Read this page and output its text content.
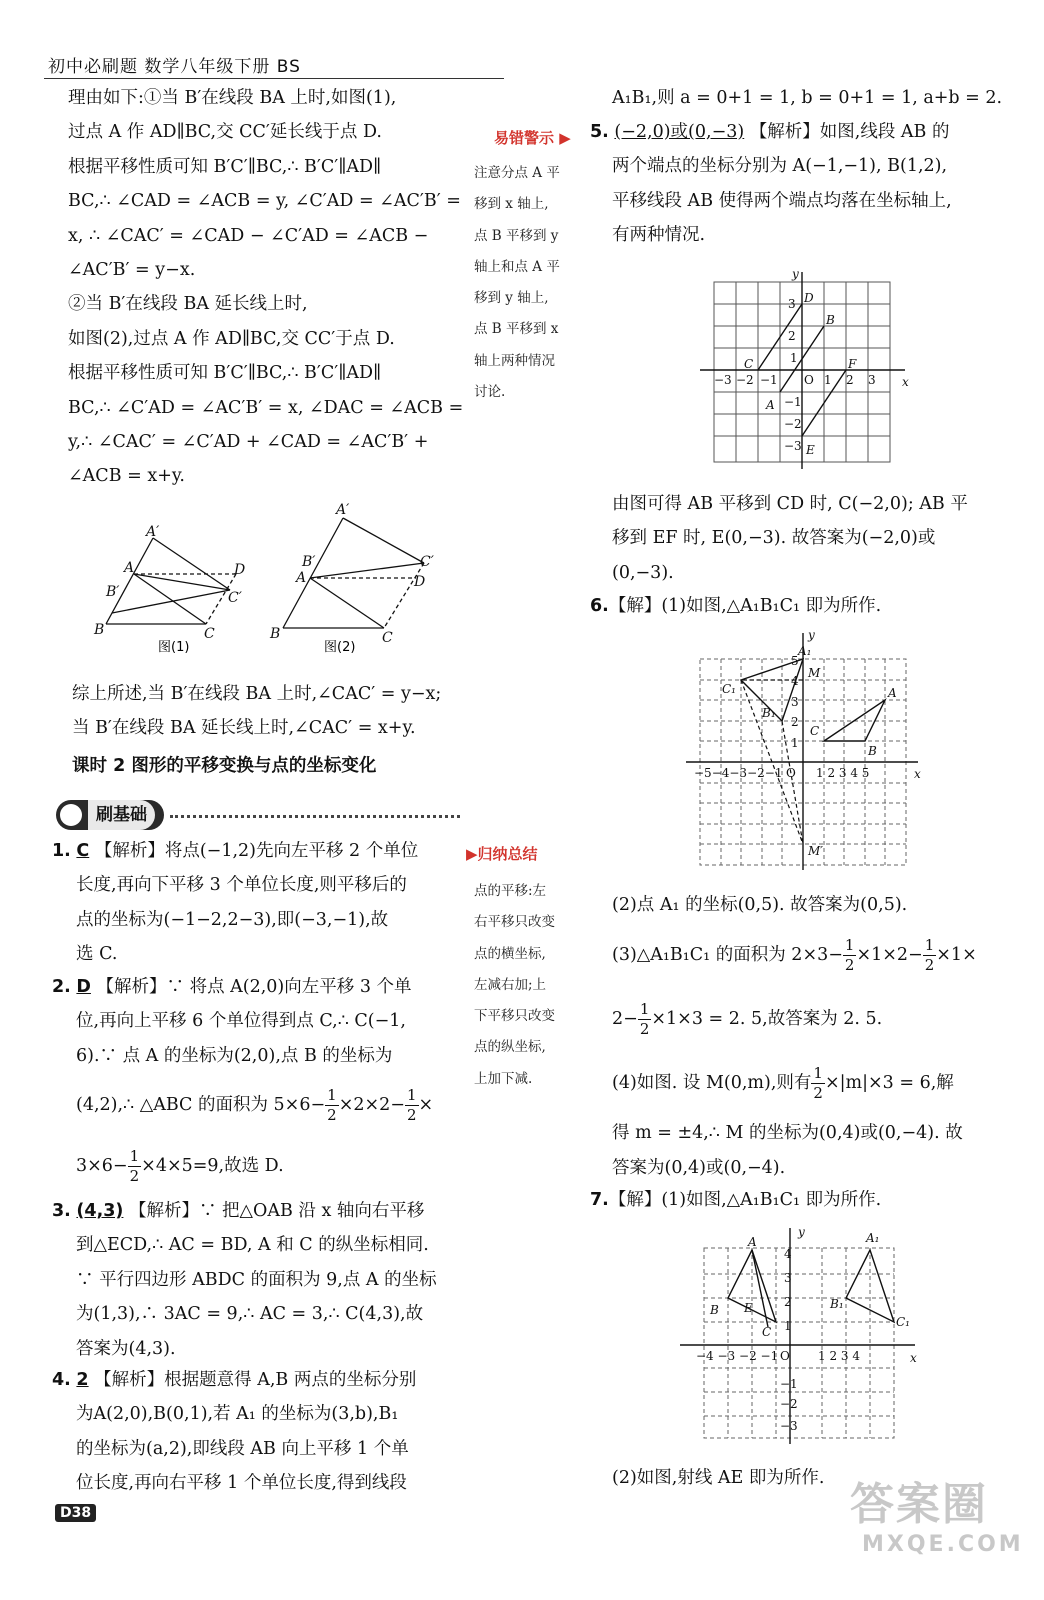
初中必刷题 数学八年级下册 BS

理由如下:①当 B′在线段 BA 上时,如图(1),

过点 A 作 AD∥BC,交 CC′延长线于点 D.

根据平移性质可知 B′C′∥BC,∴ B′C′∥AD∥

BC,∴ ∠CAD = ∠ACB = y, ∠C′AD = ∠AC′B′ =

x, ∴ ∠CAC′ = ∠CAD − ∠C′AD = ∠ACB −

∠AC′B′ = y−x.

②当 B′在线段 BA 延长线上时,

如图(2),过点 A 作 AD∥BC,交 CC′于点 D.

根据平移性质可知 B′C′∥BC,∴ B′C′∥AD∥

BC,∴ ∠C′AD = ∠AC′B′ = x, ∠DAC = ∠ACB =

y,∴ ∠CAC′ = ∠C′AD + ∠CAD = ∠AC′B′ +

∠ACB = x+y.

A′
A
B′
B	C
C′
D
A′
B′
A
B	C
C′
D
图(1)	图(2)

综上所述,当 B′在线段 BA 上时,∠CAC′ = y−x;

当 B′在线段 BA 延长线上时,∠CAC′ = x+y.

课时 2 图形的平移变换与点的坐标变化
刷基础

1. C 【解析】将点(−1,2)先向左平移 2 个单位

长度,再向下平移 3 个单位长度,则平移后的

点的坐标为(−1−2,2−3),即(−3,−1),故

选 C.

2. D 【解析】∵ 将点 A(2,0)向左平移 3 个单

位,再向上平移 6 个单位得到点 C,∴ C(−1,

6).∵ 点 A 的坐标为(2,0),点 B 的坐标为

(4,2),∴ △ABC 的面积为 $5\times 6- \frac{1}{2} \times 2\times 2- \frac{1}{2}$ ×

$3\times 6- \frac{1}{2} \times 4\times 5=9$,故选 D.

3. (4,3) 【解析】∵ 把△OAB 沿 x 轴向右平移

到△ECD,∴ AC = BD, A 和 C 的纵坐标相同.

∵ 平行四边形 ABDC 的面积为 9,点 A 的坐标

为(1,3),∴ 3AC = 9,∴ AC = 3,∴ C(4,3),故

答案为(4,3).

4. 2 【解析】根据题意得 A,B 两点的坐标分别

为A(2,0),B(0,1),若 A₁ 的坐标为(3,b),B₁

的坐标为(a,2),即线段 AB 向上平移 1 个单

位长度,再向右平移 1 个单位长度,得到线段

易错警示 ▶

注意分点 A 平

移到 x 轴上,

点 B 平移到 y

轴上和点 A 平

移到 y 轴上,

点 B 平移到 x

轴上两种情况

讨论.

▶归纳总结

点的平移:左

右平移只改变

点的横坐标,

左减右加;上

下平移只改变

点的纵坐标,

上加下减.

A₁B₁,则 a = 0+1 = 1, b = 0+1 = 1, a+b = 2.

5. (−2,0)或(0,−3) 【解析】如图,线段 AB 的

两个端点的坐标分别为 A(−1,−1), B(1,2),

平移线段 AB 使得两个端点均落在坐标轴上,

有两种情况.

y
x
D
B
C	F
A
E
3
2
1
O 1 2 3
−3 −2 −1
−1
−2
−3

由图可得 AB 平移到 CD 时, C(−2,0); AB 平

移到 EF 时, E(0,−3). 故答案为(−2,0)或

(0,−3).

6.【解】(1)如图,△A₁B₁C₁ 即为所作.

y
x
A₁
C₁
B₁
M
M′
A
C
B
O
−5−4−3−2−1	1 2 3 4 5
5
4
3
2
1

(2)点 A₁ 的坐标(0,5). 故答案为(0,5).

(3)△A₁B₁C₁ 的面积为 $2\times 3- \frac{1}{2} \times 1\times 2- \frac{1}{2} \times 1\times$

$2- \frac{1}{2} \times 1\times 3 = 2$. 5,故答案为 2. 5.

(4)如图. 设 M(0,m),则有 $\frac{1}{2} \times|m|\times 3 = 6$,解

得 m = ±4,∴ M 的坐标为(0,4)或(0,−4). 故

答案为(0,4)或(0,−4).

7.【解】(1)如图,△A₁B₁C₁ 即为所作.

y
x
A	A₁
B	B₁
C
C₁
E
4
3
2
1
O
−4 −3 −2 −1	1 2 3 4
−1
−2
−3

(2)如图,射线 AE 即为所作.

D38	答案圈
MXQE.COM
